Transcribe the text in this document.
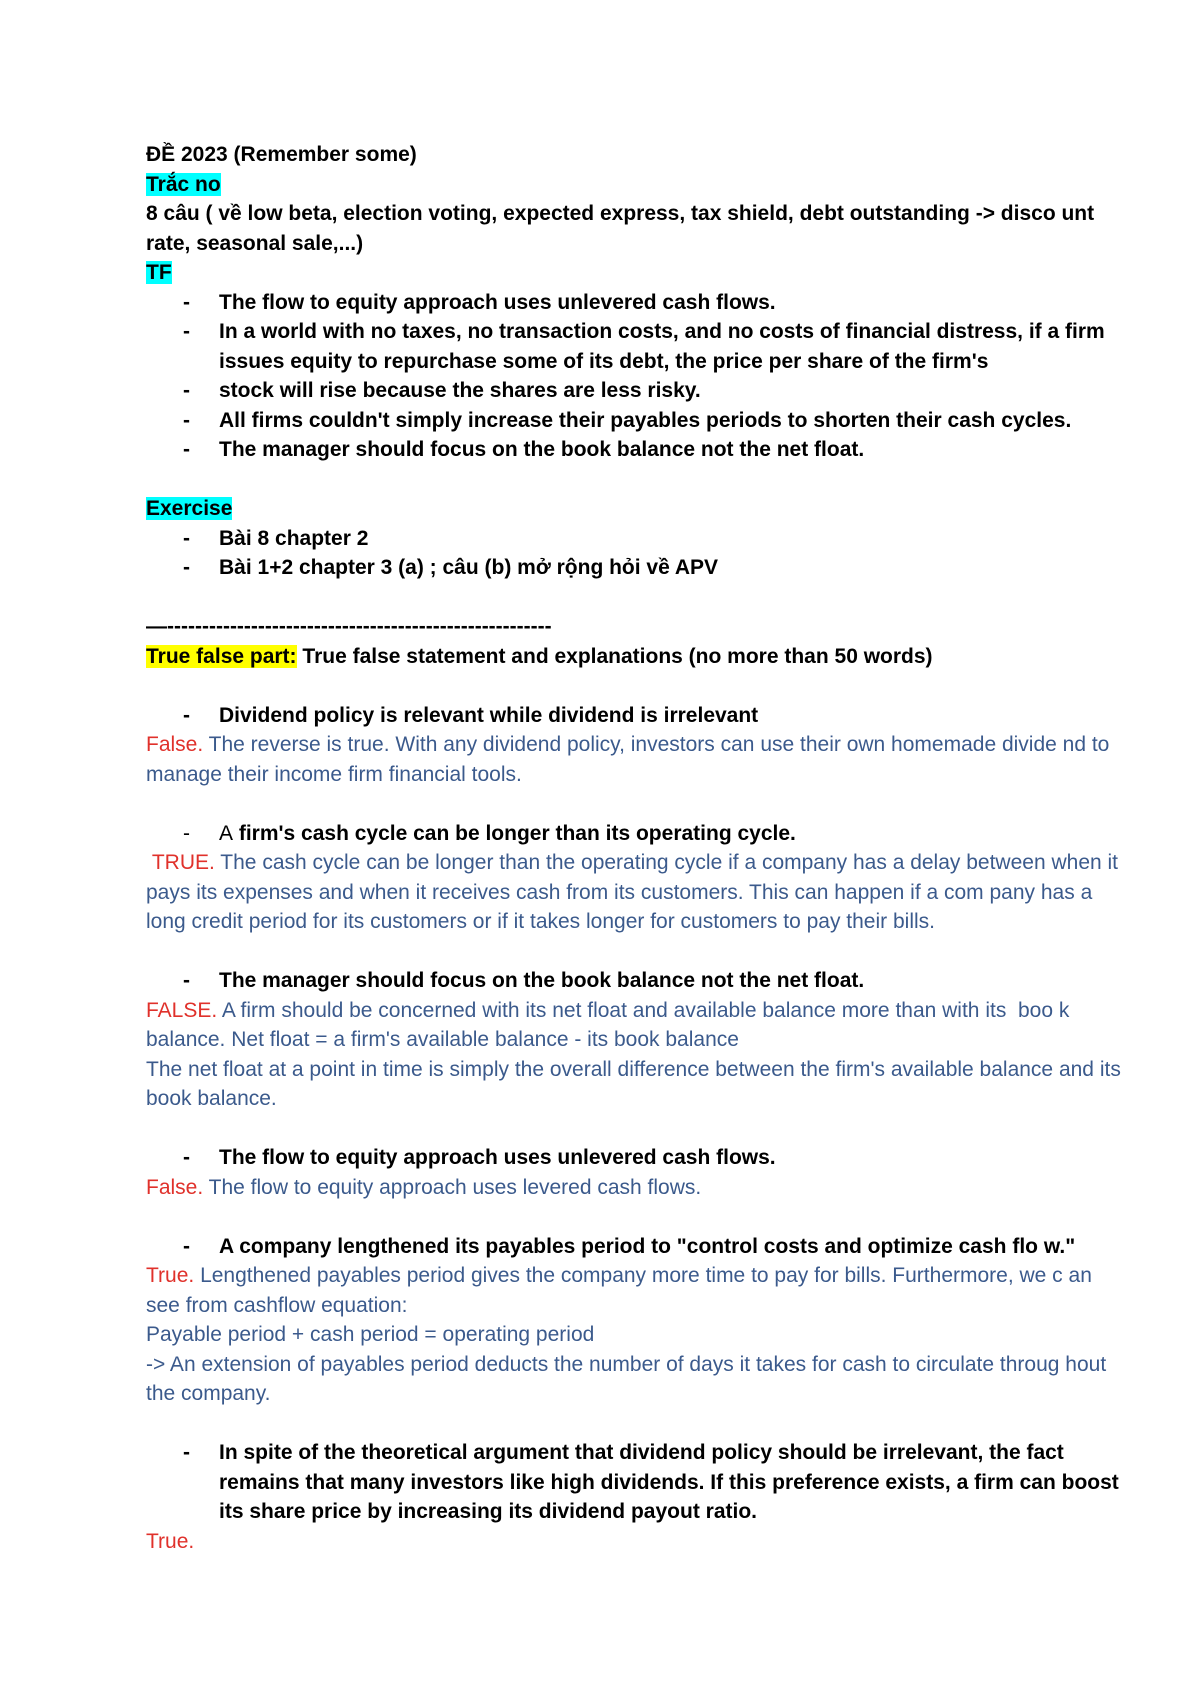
ĐỀ 2023 (Remember some)
Trắc no
8 câu ( về low beta, election voting, expected express, tax shield, debt outstanding -> disco unt rate, seasonal sale,...)
TF
- The flow to equity approach uses unlevered cash flows.
- In a world with no taxes, no transaction costs, and no costs of financial distress, if a firm issues equity to repurchase some of its debt, the price per share of the firm's
- stock will rise because the shares are less risky.
- All firms couldn't simply increase their payables periods to shorten their cash cycles.
- The manager should focus on the book balance not the net float.
Exercise
- Bài 8 chapter 2
- Bài 1+2 chapter 3 (a) ; câu (b) mở rộng hỏi về APV
—-------------------------------------------------------
True false part: True false statement and explanations (no more than 50 words)
- Dividend policy is relevant while dividend is irrelevant
False. The reverse is true. With any dividend policy, investors can use their own homemade divide nd to manage their income firm financial tools.
- A firm's cash cycle can be longer than its operating cycle.
TRUE. The cash cycle can be longer than the operating cycle if a company has a delay between when it pays its expenses and when it receives cash from its customers. This can happen if a com pany has a long credit period for its customers or if it takes longer for customers to pay their bills.
- The manager should focus on the book balance not the net float.
FALSE. A firm should be concerned with its net float and available balance more than with its  boo k balance. Net float = a firm's available balance - its book balance
The net float at a point in time is simply the overall difference between the firm's available balance and its book balance.
- The flow to equity approach uses unlevered cash flows.
False. The flow to equity approach uses levered cash flows.
- A company lengthened its payables period to "control costs and optimize cash flo w."
True. Lengthened payables period gives the company more time to pay for bills. Furthermore, we c an see from cashflow equation:
Payable period + cash period = operating period
-> An extension of payables period deducts the number of days it takes for cash to circulate throug hout the company.
- In spite of the theoretical argument that dividend policy should be irrelevant, the fact remains that many investors like high dividends. If this preference exists, a firm can boost its share price by increasing its dividend payout ratio.
True.
